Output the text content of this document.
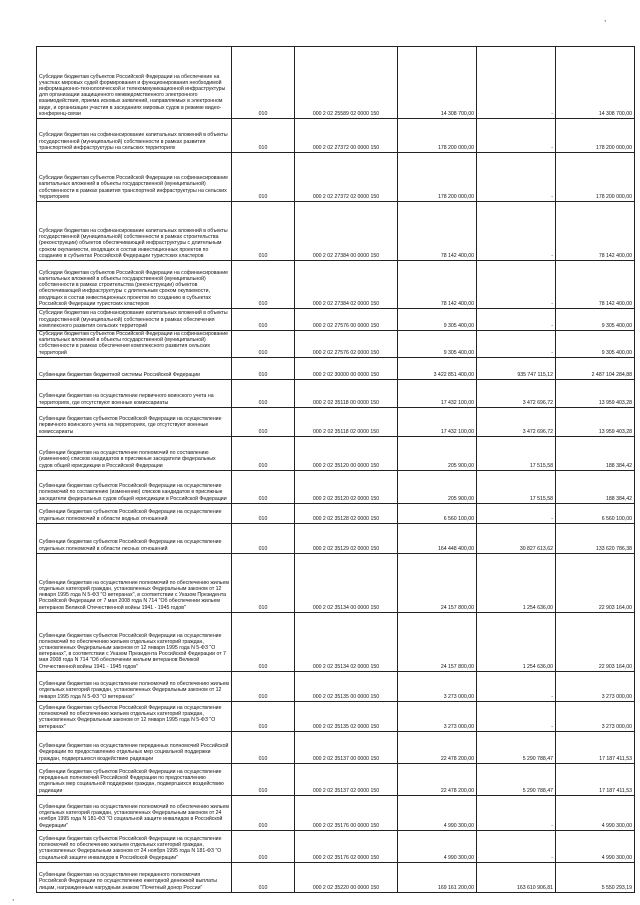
,
,
Субсидии бюджетам субъектов Российской Федерации на обеспечение на участках мировых судей формирования и функционирования необходимой информационно-технологической и телекоммуникационной инфраструктуры для организации защищенного межведомственного электронного взаимодействия, приема исковых заявлений, направляемых в электронном виде, и организации участия в заседаниях мировых судов в режиме видео-конференц-связи	010	000 2 02 25589 02 0000 150	14 308 700,00	-	14 308 700,00
Субсидии бюджетам на софинансирование капитальных вложений в объекты государственной (муниципальной) собственности в рамках развития транспортной инфраструктуры на сельских территориях	010	000 2 02 27372 00 0000 150	178 200 000,00	-	178 200 000,00
Субсидии бюджетам субъектов Российской Федерации на софинансирование капитальных вложений в объекты государственной (муниципальной) собственности в рамках развития транспортной инфраструктуры на сельских территориях	010	000 2 02 27372 02 0000 150	178 200 000,00	-	178 200 000,00
Субсидии бюджетам на софинансирование капитальных вложений в объекты государственной (муниципальной) собственности в рамках строительства (реконструкции) объектов обеспечивающей инфраструктуры с длительным сроком окупаемости, входящих в состав инвестиционных проектов по созданию в субъектах Российской Федерации туристских кластеров	010	000 2 02 27384 00 0000 150	78 142 400,00	-	78 142 400,00
Субсидии бюджетам субъектов Российской Федерации на софинансирование капитальных вложений в объекты государственной (муниципальной) собственности в рамках строительства (реконструкции) объектов обеспечивающей инфраструктуры с длительным сроком окупаемости, входящих в состав инвестиционных проектов по созданию в субъектах Российской Федерации туристских кластеров	010	000 2 02 27384 02 0000 150	78 142 400,00	-	78 142 400,00
Субсидии бюджетам на софинансирование капитальных вложений в объекты государственной (муниципальной) собственности в рамках обеспечения комплексного развития сельских территорий	010	000 2 02 27576 00 0000 150	9 305 400,00	-	9 305 400,00
Субсидии бюджетам субъектов Российской Федерации на софинансирование капитальных вложений в объекты государственной (муниципальной) собственности в рамках обеспечения комплексного развития сельских территорий	010	000 2 02 27576 02 0000 150	9 305 400,00	-	9 305 400,00
Субвенции бюджетам бюджетной системы Российской Федерации	010	000 2 02 30000 00 0000 150	3 422 851 400,00	935 747 115,12	2 487 104 284,88
Субвенции бюджетам на осуществление первичного воинского учета на территориях, где отсутствуют военные комиссариаты	010	000 2 02 35118 00 0000 150	17 432 100,00	3 472 696,72	13 959 403,28
Субвенции бюджетам субъектов Российской Федерации на осуществление первичного воинского учета на территориях, где отсутствуют военные комиссариаты	010	000 2 02 35118 02 0000 150	17 432 100,00	3 472 696,72	13 959 403,28
Субвенции бюджетам на осуществление полномочий по составлению (изменению) списков кандидатов в присяжные заседатели федеральных судов общей юрисдикции в Российской Федерации	010	000 2 02 35120 00 0000 150	205 900,00	17 515,58	188 384,42
Субвенции бюджетам субъектов Российской Федерации на осуществление полномочий по составлению (изменению) списков кандидатов в присяжные заседатели федеральных судов общей юрисдикции в Российской Федерации	010	000 2 02 35120 02 0000 150	205 900,00	17 515,58	188 384,42
Субвенции бюджетам субъектов Российской Федерации на осуществление отдельных полномочий в области водных отношений	010	000 2 02 35128 02 0000 150	6 560 100,00	-	6 560 100,00
Субвенции бюджетам субъектов Российской Федерации на осуществление отдельных полномочий в области лесных отношений	010	000 2 02 35129 02 0000 150	164 448 400,00	30 827 613,62	133 620 786,38
Субвенции бюджетам на осуществление полномочий по обеспечению жильем отдельных категорий граждан, установленных Федеральным законом от 12 января 1995 года N 5-ФЗ "О ветеранах", в соответствии с Указом Президента Российской Федерации от 7 мая 2008 года N 714 "Об обеспечении жильем ветеранов Великой Отечественной войны 1941 - 1945 годов"	010	000 2 02 35134 00 0000 150	24 157 800,00	1 254 636,00	22 903 164,00
Субвенции бюджетам субъектов Российской Федерации на осуществление полномочий по обеспечению жильем отдельных категорий граждан, установленных Федеральным законом от 12 января 1995 года N 5-ФЗ "О ветеранах", в соответствии с Указом Президента Российской Федерации от 7 мая 2008 года N 714 "Об обеспечении жильем ветеранов Великой Отечественной войны 1941 - 1945 годов"	010	000 2 02 35134 02 0000 150	24 157 800,00	1 254 636,00	22 903 164,00
Субвенции бюджетам на осуществление полномочий по обеспечению жильем отдельных категорий граждан, установленных Федеральным законом от 12 января 1995 года N 5-ФЗ "О ветеранах"	010	000 2 02 35135 00 0000 150	3 273 000,00	-	3 273 000,00
Субвенции бюджетам субъектов Российской Федерации на осуществление полномочий по обеспечению жильем отдельных категорий граждан, установленных Федеральным законом от 12 января 1995 года N 5-ФЗ "О ветеранах"	010	000 2 02 35135 02 0000 150	3 273 000,00	-	3 273 000,00
Субвенции бюджетам на осуществление переданных полномочий Российской Федерации по предоставлению отдельных мер социальной поддержки граждан, подвергшихся воздействию радиации	010	000 2 02 35137 00 0000 150	22 478 200,00	5 290 788,47	17 187 411,53
Субвенции бюджетам субъектов Российской Федерации на осуществление переданных полномочий Российской Федерации по предоставлению отдельных мер социальной поддержки граждан, подвергшихся воздействию радиации	010	000 2 02 35137 02 0000 150	22 478 200,00	5 290 788,47	17 187 411,53
Субвенции бюджетам на осуществление полномочий по обеспечению жильем отдельных категорий граждан, установленных Федеральным законом от 24 ноября 1995 года N 181-ФЗ "О социальной защите инвалидов в Российской Федерации"	010	000 2 02 35176 00 0000 150	4 990 300,00	-	4 990 300,00
Субвенции бюджетам субъектов Российской Федерации на осуществление полномочий по обеспечению жильем отдельных категорий граждан, установленных Федеральным законом от 24 ноября 1995 года N 181-ФЗ "О социальной защите инвалидов в Российской Федерации"	010	000 2 02 35176 02 0000 150	4 990 300,00	-	4 990 300,00
Субвенции бюджетам на осуществление переданного полномочия Российской Федерации по осуществлению ежегодной денежной выплаты лицам, награжденным нагрудным знаком "Почетный донор России"	010	000 2 02 35220 00 0000 150	169 161 200,00	163 610 906,81	5 550 293,19
